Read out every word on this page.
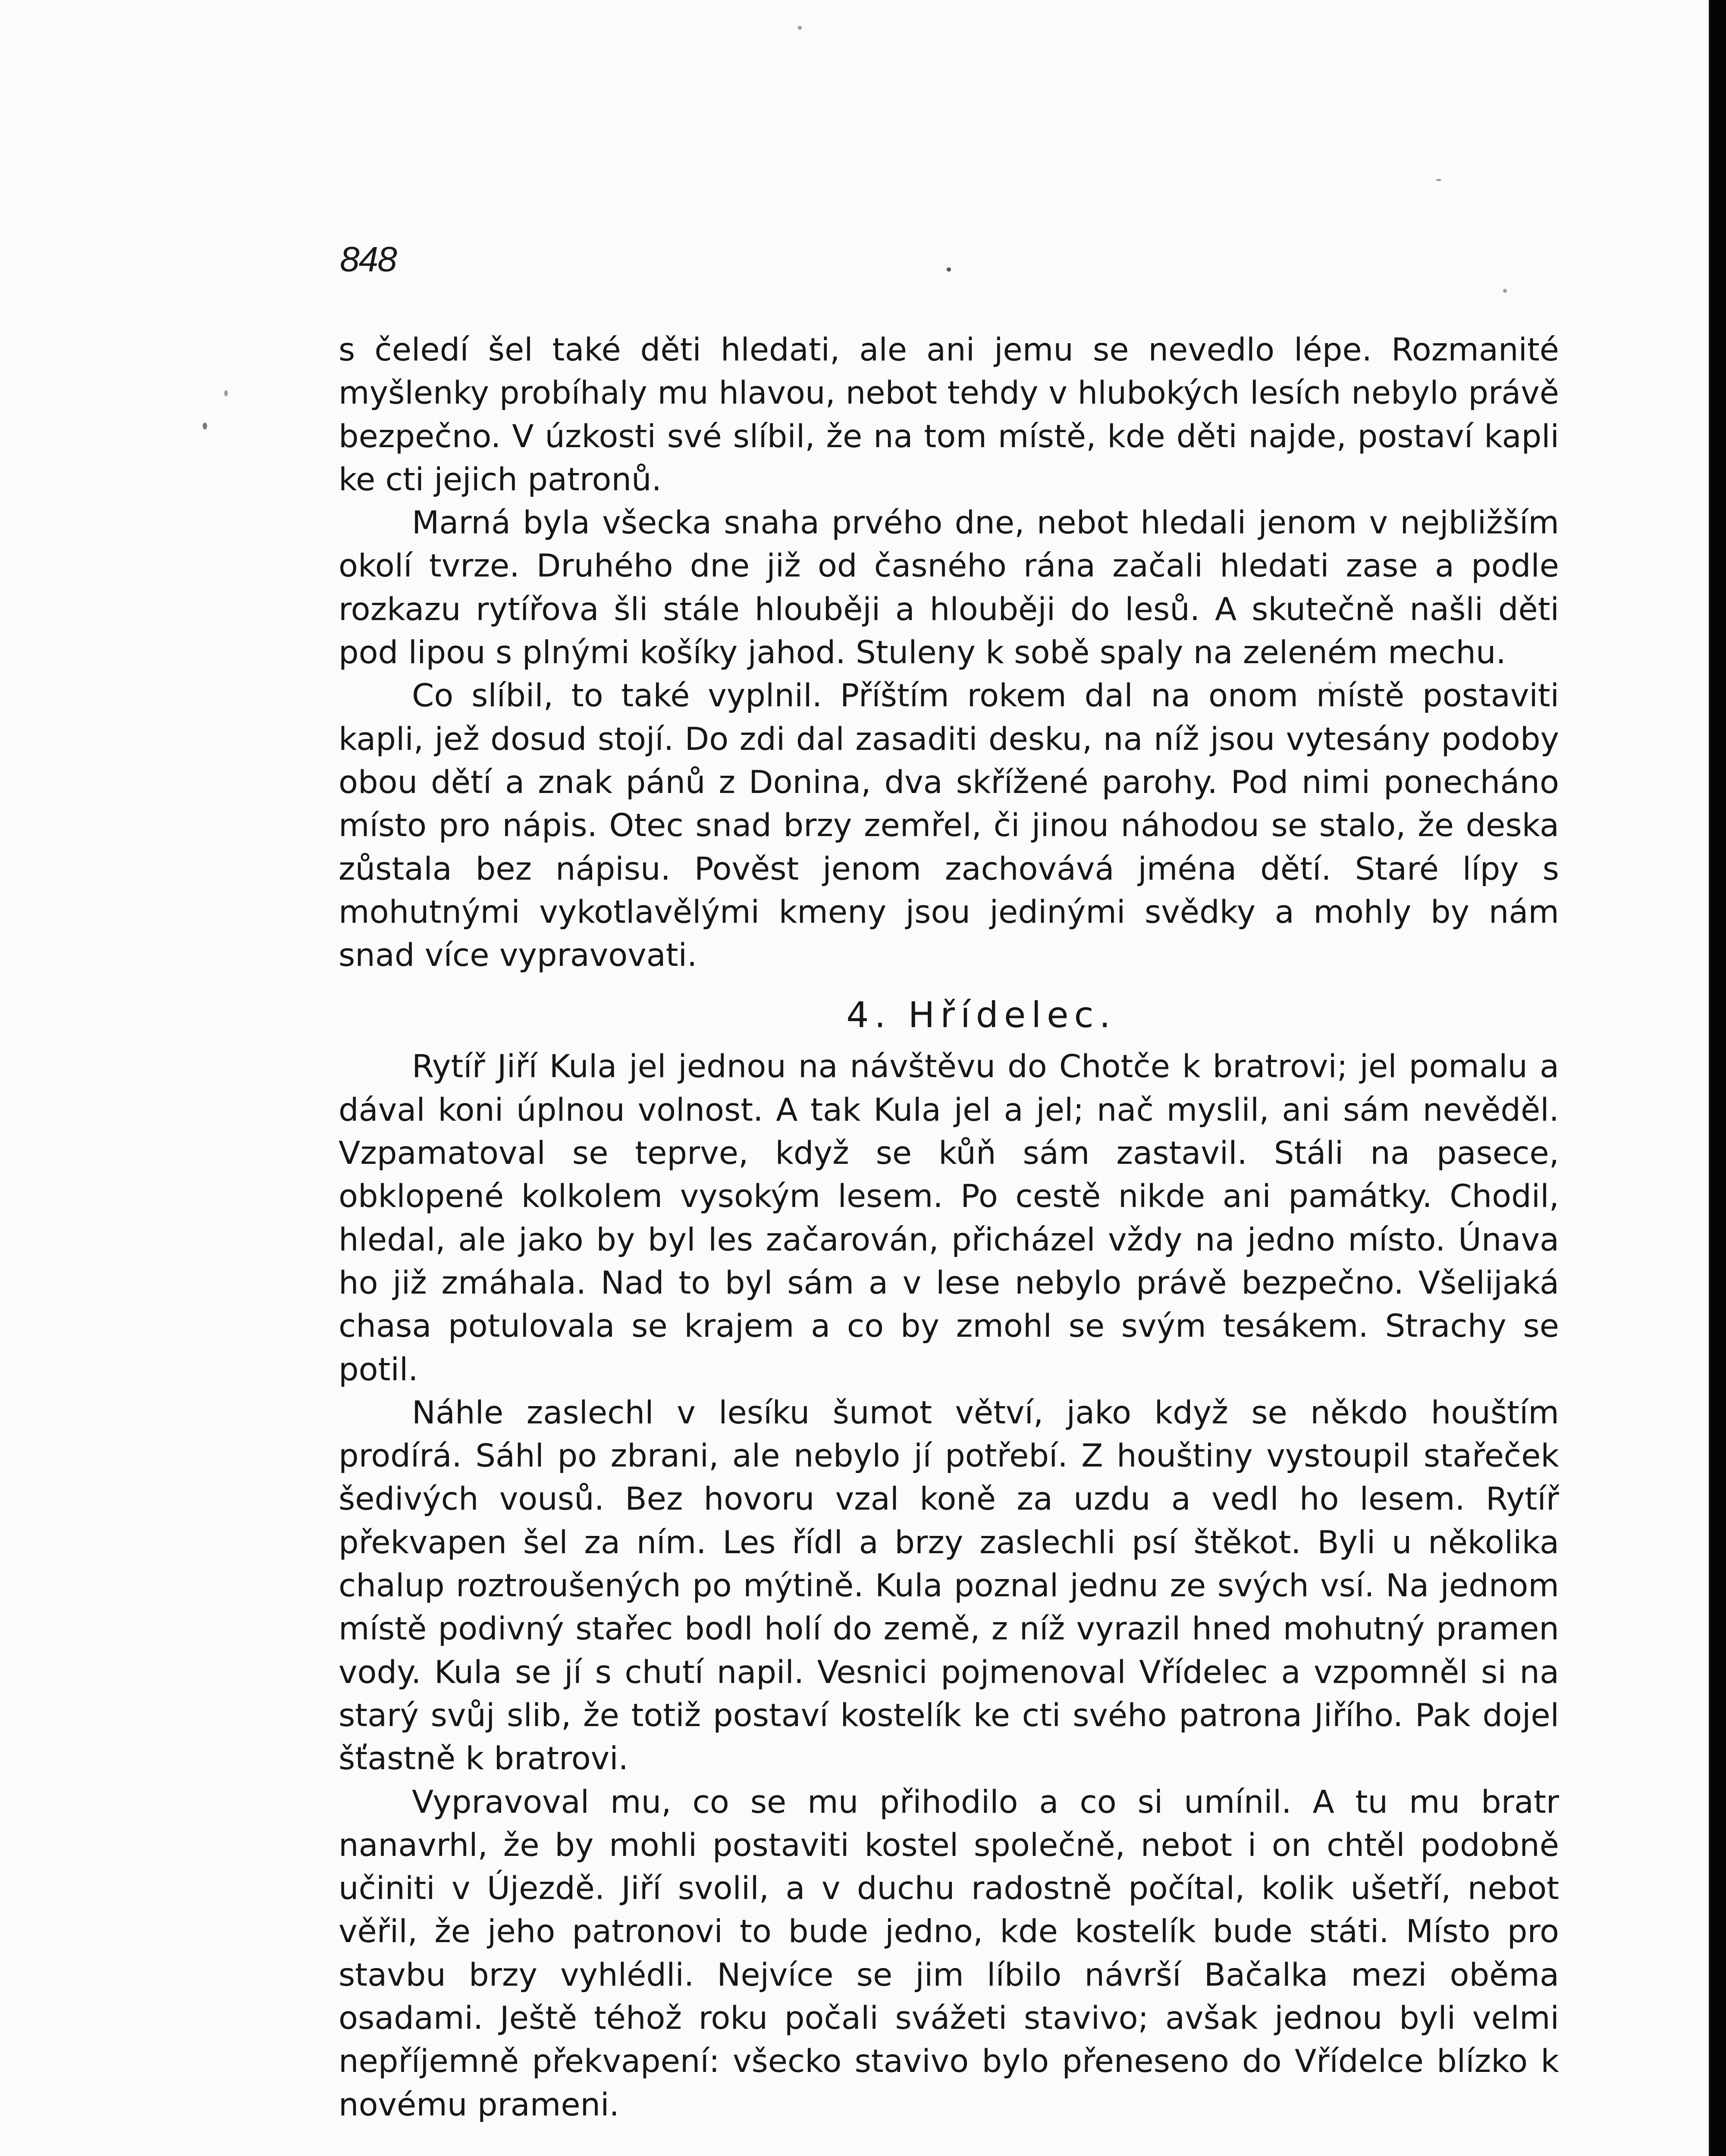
848

s čeledí šel také děti hledati, ale ani jemu se nevedlo lépe. Rozmanité myšlenky probíhaly mu hlavou, nebot tehdy v hlubokých lesích nebylo právě bezpečno. V úzkosti své slíbil, že na tom místě, kde děti najde, postaví kapli ke cti jejich patronů.

Marná byla všecka snaha prvého dne, nebot hledali jenom v nejbližším okolí tvrze. Druhého dne již od časného rána začali hledati zase a podle rozkazu rytířova šli stále hlouběji a hlouběji do lesů. A skutečně našli děti pod lipou s plnými košíky jahod. Stuleny k sobě spaly na zeleném mechu.

Co slíbil, to také vyplnil. Příštím rokem dal na onom místě postaviti kapli, jež dosud stojí. Do zdi dal zasaditi desku, na níž jsou vytesány podoby obou dětí a znak pánů z Donina, dva skřížené parohy. Pod nimi ponecháno místo pro nápis. Otec snad brzy zemřel, či jinou náhodou se stalo, že deska zůstala bez nápisu. Pověst jenom zachovává jména dětí. Staré lípy s mohutnými vykotlavělými kmeny jsou jedinými svědky a mohly by nám snad více vypravovati.

4. Hřídelec.

Rytíř Jiří Kula jel jednou na návštěvu do Chotče k bratrovi; jel pomalu a dával koni úplnou volnost. A tak Kula jel a jel; nač myslil, ani sám nevěděl. Vzpamatoval se teprve, když se kůň sám zastavil. Stáli na pasece, obklopené kolkolem vysokým lesem. Po cestě nikde ani památky. Chodil, hledal, ale jako by byl les začarován, přicházel vždy na jedno místo. Únava ho již zmáhala. Nad to byl sám a v lese nebylo právě bezpečno. Všelijaká chasa potulovala se krajem a co by zmohl se svým tesákem. Strachy se potil.

Náhle zaslechl v lesíku šumot větví, jako když se někdo houštím prodírá. Sáhl po zbrani, ale nebylo jí potřebí. Z houštiny vystoupil stařeček šedivých vousů. Bez hovoru vzal koně za uzdu a vedl ho lesem. Rytíř překvapen šel za ním. Les řídl a brzy zaslechli psí štěkot. Byli u několika chalup roztroušených po mýtině. Kula poznal jednu ze svých vsí. Na jednom místě podivný stařec bodl holí do země, z níž vyrazil hned mohutný pramen vody. Kula se jí s chutí napil. Vesnici pojmenoval Vřídelec a vzpomněl si na starý svůj slib, že totiž postaví kostelík ke cti svého patrona Jiřího. Pak dojel šťastně k bratrovi.

Vypravoval mu, co se mu přihodilo a co si umínil. A tu mu bratr nanavrhl, že by mohli postaviti kostel společně, nebot i on chtěl podobně učiniti v Újezdě. Jiří svolil, a v duchu radostně počítal, kolik ušetří, nebot věřil, že jeho patronovi to bude jedno, kde kostelík bude státi. Místo pro stavbu brzy vyhlédli. Nejvíce se jim líbilo návrší Bačalka mezi oběma osadami. Ještě téhož roku počali svážeti stavivo; avšak jednou byli velmi nepříjemně překvapení: všecko stavivo bylo přeneseno do Vřídelce blízko k novému prameni.
